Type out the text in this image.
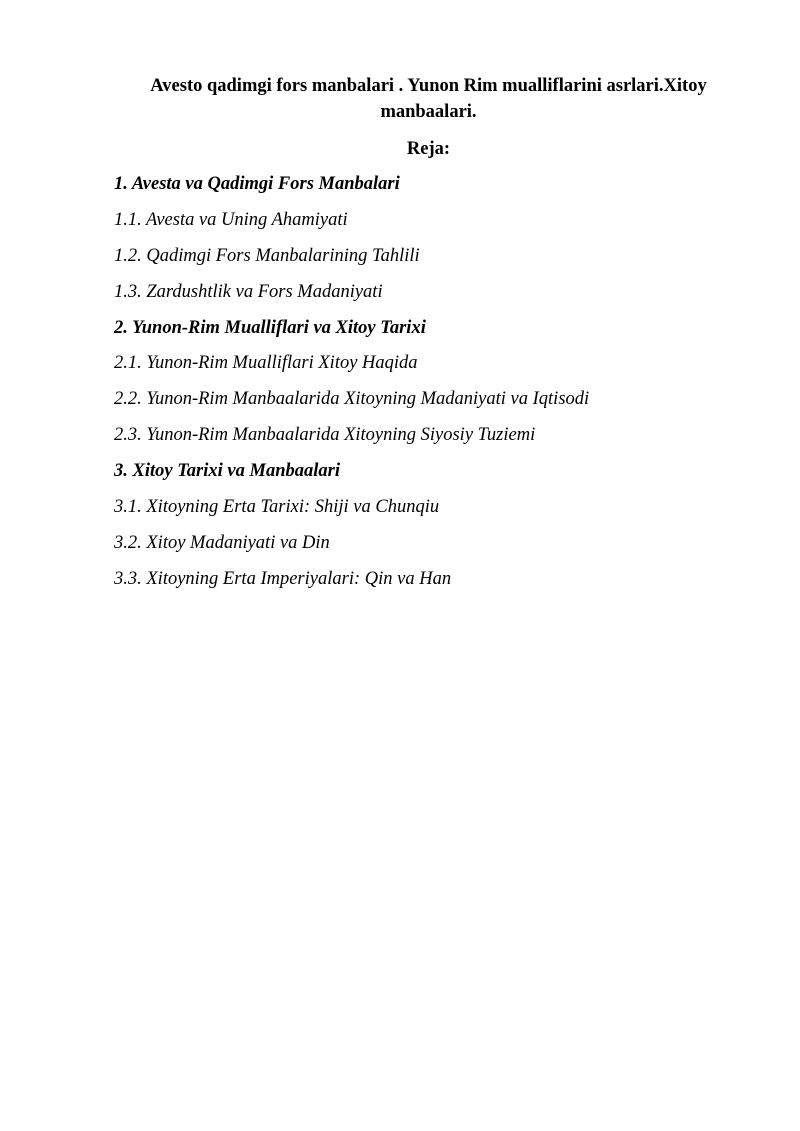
Avesto qadimgi fors manbalari . Yunon Rim mualliflarini asrlari.Xitoy manbaalari.
Reja:
1. Avesta va Qadimgi Fors Manbalari
1.1. Avesta va Uning Ahamiyati
1.2. Qadimgi Fors Manbalarining Tahlili
1.3. Zardushtlik va Fors Madaniyati
2. Yunon-Rim Mualliflari va Xitoy Tarixi
2.1. Yunon-Rim Mualliflari Xitoy Haqida
2.2. Yunon-Rim Manbaalarida Xitoyning Madaniyati va Iqtisodi
2.3. Yunon-Rim Manbaalarida Xitoyning Siyosiy Tuziemi
3. Xitoy Tarixi va Manbaalari
3.1. Xitoyning Erta Tarixi: Shiji va Chunqiu
3.2. Xitoy Madaniyati va Din
3.3. Xitoyning Erta Imperiyalari: Qin va Han
